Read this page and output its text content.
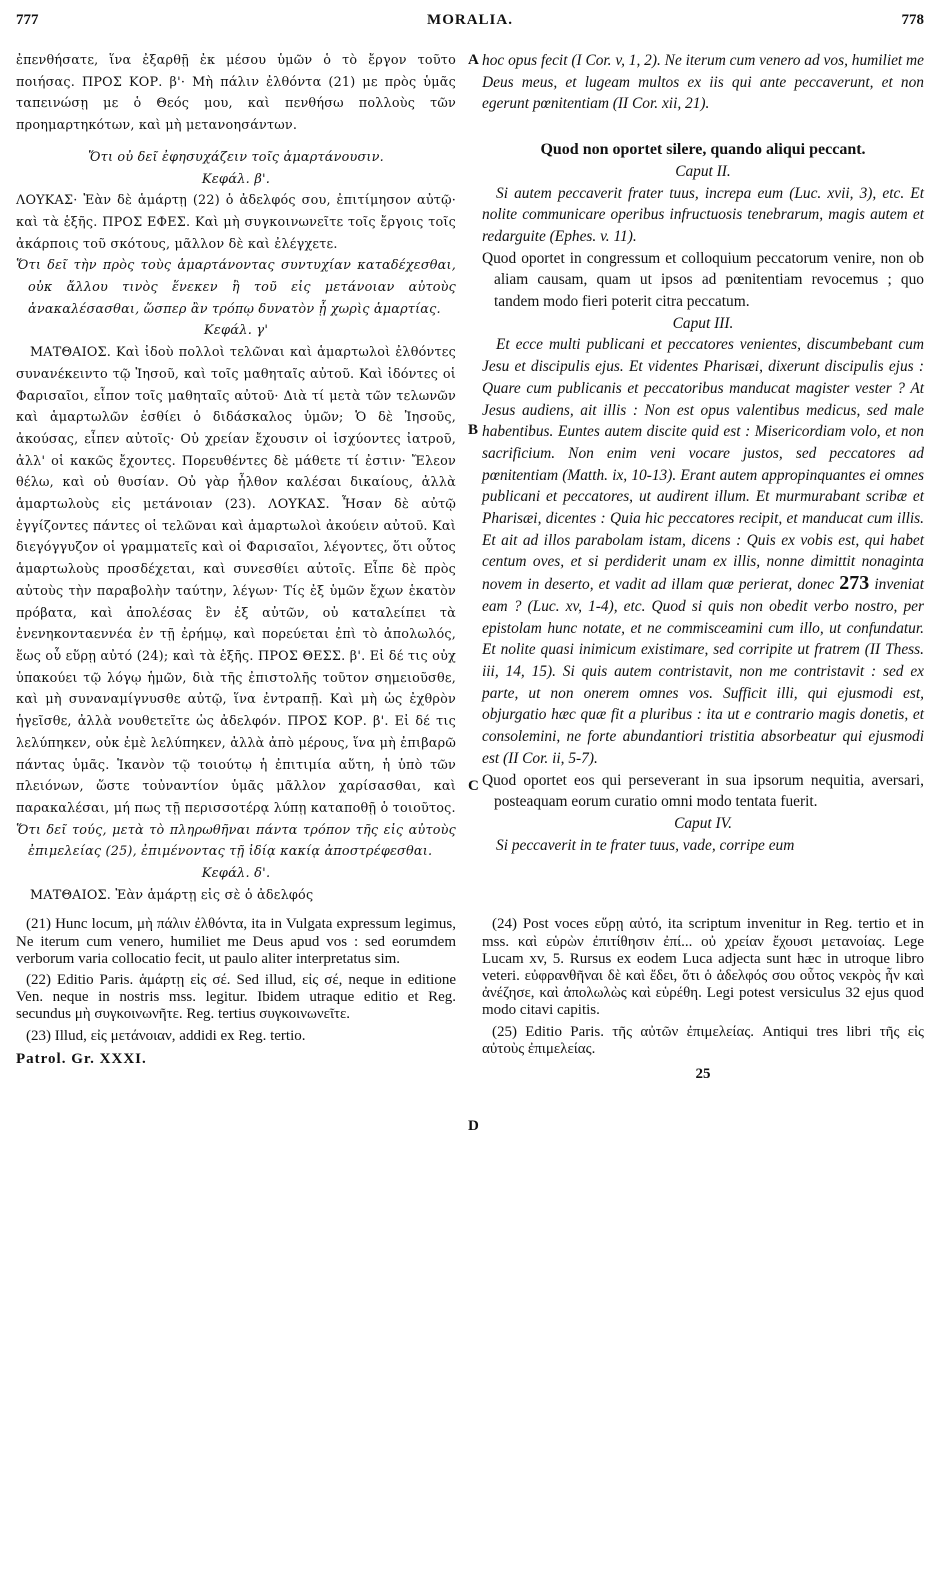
777	MORALIA.	778
A
B
C
D

ἐπενθήσατε, ἵνα ἐξαρθῇ ἐκ μέσου ὑμῶν ὁ τὸ ἔργον τοῦτο ποιήσας. ΠΡΟΣ ΚΟΡ. β'· Μὴ πάλιν ἐλθόντα (21) με πρὸς ὑμᾶς ταπεινώσῃ με ὁ Θεός μου, καὶ πενθήσω πολλοὺς τῶν προημαρτηκότων, καὶ μὴ μετανοησάντων.

Ὅτι οὐ δεῖ ἐφησυχάζειν τοῖς ἁμαρτάνουσιν.

Κεφάλ. β'.

ΛΟΥΚΑΣ· Ἐὰν δὲ ἁμάρτῃ (22) ὁ ἀδελφός σου, ἐπιτίμησον αὐτῷ· καὶ τὰ ἑξῆς. ΠΡΟΣ ΕΦΕΣ. Καὶ μὴ συγκοινωνεῖτε τοῖς ἔργοις τοῖς ἀκάρποις τοῦ σκότους, μᾶλλον δὲ καὶ ἐλέγχετε.

Ὅτι δεῖ τὴν πρὸς τοὺς ἁμαρτάνοντας συντυχίαν καταδέχεσθαι, οὐκ ἄλλου τινὸς ἕνεκεν ἢ τοῦ εἰς μετάνοιαν αὐτοὺς ἀνακαλέσασθαι, ὥσπερ ἂν τρόπῳ δυνατὸν ᾖ χωρὶς ἁμαρτίας.

Κεφάλ. γ'

ΜΑΤΘΑΙΟΣ. Καὶ ἰδοὺ πολλοὶ τελῶναι καὶ ἁμαρτωλοὶ ἐλθόντες συνανέκειντο τῷ Ἰησοῦ, καὶ τοῖς μαθηταῖς αὐτοῦ. Καὶ ἰδόντες οἱ Φαρισαῖοι, εἶπον τοῖς μαθηταῖς αὐτοῦ· Διὰ τί μετὰ τῶν τελωνῶν καὶ ἁμαρτωλῶν ἐσθίει ὁ διδάσκαλος ὑμῶν; Ὁ δὲ Ἰησοῦς, ἀκούσας, εἶπεν αὐτοῖς· Οὐ χρείαν ἔχουσιν οἱ ἰσχύοντες ἰατροῦ, ἀλλ' οἱ κακῶς ἔχοντες. Πορευθέντες δὲ μάθετε τί ἐστιν· Ἔλεον θέλω, καὶ οὐ θυσίαν. Οὐ γὰρ ἦλθον καλέσαι δικαίους, ἀλλὰ ἁμαρτωλοὺς εἰς μετάνοιαν (23). ΛΟΥΚΑΣ. Ἦσαν δὲ αὐτῷ ἐγγίζοντες πάντες οἱ τελῶναι καὶ ἁμαρτωλοὶ ἀκούειν αὐτοῦ. Καὶ διεγόγγυζον οἱ γραμματεῖς καὶ οἱ Φαρισαῖοι, λέγοντες, ὅτι οὗτος ἁμαρτωλοὺς προσδέχεται, καὶ συνεσθίει αὐτοῖς. Εἶπε δὲ πρὸς αὐτοὺς τὴν παραβολὴν ταύτην, λέγων· Τίς ἐξ ὑμῶν ἔχων ἑκατὸν πρόβατα, καὶ ἀπολέσας ἓν ἐξ αὐτῶν, οὐ καταλείπει τὰ ἐνενηκονταεννέα ἐν τῇ ἐρήμῳ, καὶ πορεύεται ἐπὶ τὸ ἀπολωλός, ἕως οὗ εὕρῃ αὐτό (24); καὶ τὰ ἑξῆς. ΠΡΟΣ ΘΕΣΣ. β'. Εἰ δέ τις οὐχ ὑπακούει τῷ λόγῳ ἡμῶν, διὰ τῆς ἐπιστολῆς τοῦτον σημειοῦσθε, καὶ μὴ συναναμίγνυσθε αὐτῷ, ἵνα ἐντραπῇ. Καὶ μὴ ὡς ἐχθρὸν ἡγεῖσθε, ἀλλὰ νουθετεῖτε ὡς ἀδελφόν. ΠΡΟΣ ΚΟΡ. β'. Εἰ δέ τις λελύπηκεν, οὐκ ἐμὲ λελύπηκεν, ἀλλὰ ἀπὸ μέρους, ἵνα μὴ ἐπιβαρῶ πάντας ὑμᾶς. Ἱκανὸν τῷ τοιούτῳ ἡ ἐπιτιμία αὕτη, ἡ ὑπὸ τῶν πλειόνων, ὥστε τοὐναντίον ὑμᾶς μᾶλλον χαρίσασθαι, καὶ παρακαλέσαι, μή πως τῇ περισσοτέρᾳ λύπῃ καταποθῇ ὁ τοιοῦτος.

Ὅτι δεῖ τούς, μετὰ τὸ πληρωθῆναι πάντα τρόπον τῆς εἰς αὐτοὺς ἐπιμελείας (25), ἐπιμένοντας τῇ ἰδίᾳ κακίᾳ ἀποστρέφεσθαι.

Κεφάλ. δ'.

ΜΑΤΘΑΙΟΣ. Ἐὰν ἁμάρτῃ εἰς σὲ ὁ ἀδελφός

hoc opus fecit (I Cor. v, 1, 2). Ne iterum cum venero ad vos, humiliet me Deus meus, et lugeam multos ex iis qui ante peccaverunt, et non egerunt pœnitentiam (II Cor. xii, 21).

Quod non oportet silere, quando aliqui peccant.

Caput II.

Si autem peccaverit frater tuus, increpa eum (Luc. xvii, 3), etc. Et nolite communicare operibus infructuosis tenebrarum, magis autem et redarguite (Ephes. v. 11).

Quod oportet in congressum et colloquium peccatorum venire, non ob aliam causam, quam ut ipsos ad pœnitentiam revocemus ; quo tandem modo fieri poterit citra peccatum.

Caput III.

Et ecce multi publicani et peccatores venientes, discumbebant cum Jesu et discipulis ejus. Et videntes Pharisæi, dixerunt discipulis ejus : Quare cum publicanis et peccatoribus manducat magister vester ? At Jesus audiens, ait illis : Non est opus valentibus medicus, sed male habentibus. Euntes autem discite quid est : Misericordiam volo, et non sacrificium. Non enim veni vocare justos, sed peccatores ad pœnitentiam (Matth. ix, 10-13). Erant autem appropinquantes ei omnes publicani et peccatores, ut audirent illum. Et murmurabant scribæ et Pharisæi, dicentes : Quia hic peccatores recipit, et manducat cum illis. Et ait ad illos parabolam istam, dicens : Quis ex vobis est, qui habet centum oves, et si perdiderit unam ex illis, nonne dimittit nonaginta novem in deserto, et vadit ad illam quæ perierat, donec 273 inveniat eam ? (Luc. xv, 1-4), etc. Quod si quis non obedit verbo nostro, per epistolam hunc notate, et ne commisceamini cum illo, ut confundatur. Et nolite quasi inimicum existimare, sed corripite ut fratrem (II Thess. iii, 14, 15). Si quis autem contristavit, non me contristavit : sed ex parte, ut non onerem omnes vos. Sufficit illi, qui ejusmodi est, objurgatio hæc quæ fit a pluribus : ita ut e contrario magis donetis, et consolemini, ne forte abundantiori tristitia absorbeatur qui ejusmodi est (II Cor. ii, 5-7).

Quod oportet eos qui perseverant in sua ipsorum nequitia, aversari, posteaquam eorum curatio omni modo tentata fuerit.

Caput IV.

Si peccaverit in te frater tuus, vade, corripe eum

(21) Hunc locum, μὴ πάλιν ἐλθόντα, ita in Vulgata expressum legimus, Ne iterum cum venero, humiliet me Deus apud vos : sed eorumdem verborum varia collocatio fecit, ut paulo aliter interpretatus sim.

(22) Editio Paris. ἁμάρτῃ εἰς σέ. Sed illud, εἰς σέ, neque in editione Ven. neque in nostris mss. legitur. Ibidem utraque editio et Reg. secundus μὴ συγκοινωνῆτε. Reg. tertius συγκοινωνεῖτε.

(23) Illud, εἰς μετάνοιαν, addidi ex Reg. tertio.

Patrol. Gr. XXXI.

(24) Post voces εὕρῃ αὐτό, ita scriptum invenitur in Reg. tertio et in mss. καὶ εὑρὼν ἐπιτίθησιν ἐπί... οὐ χρείαν ἔχουσι μετανοίας. Lege Lucam xv, 5. Rursus ex eodem Luca adjecta sunt hæc in utroque libro veteri. εὐφρανθῆναι δὲ καὶ ἔδει, ὅτι ὁ ἀδελφός σου οὗτος νεκρὸς ἦν καὶ ἀνέζησε, καὶ ἀπολωλὼς καὶ εὑρέθη. Legi potest versiculus 32 ejus quod modo citavi capitis.

(25) Editio Paris. τῆς αὐτῶν ἐπιμελείας. Antiqui tres libri τῆς εἰς αὐτοὺς ἐπιμελείας.

25
